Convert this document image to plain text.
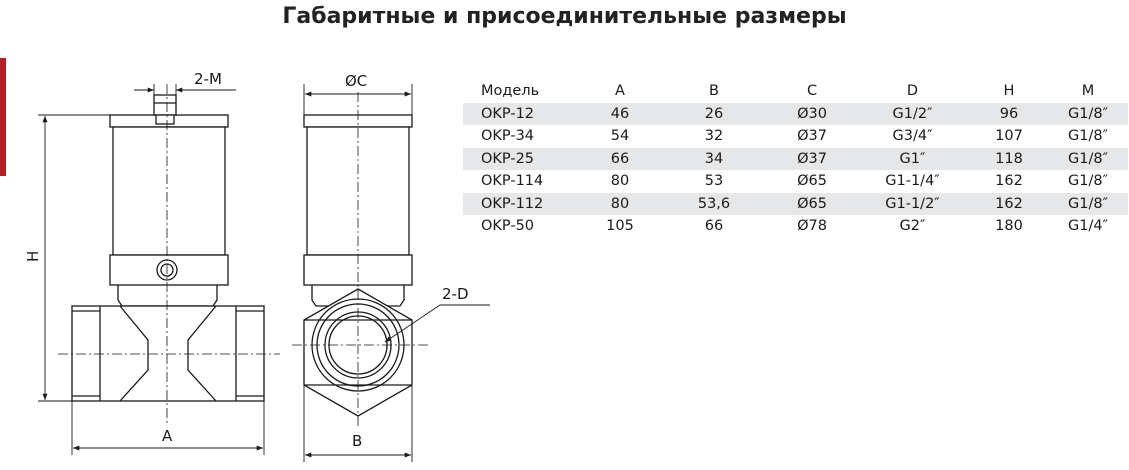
Габаритные и присоединительные размеры
2-M
H
A
ØC
2-D
B
Модель	A	B	C	D	H	M
OKP-12	46	26	Ø30	G1/2″	96	G1/8″
OKP-34	54	32	Ø37	G3/4″	107	G1/8″
OKP-25	66	34	Ø37	G1″	118	G1/8″
OKP-114	80	53	Ø65	G1-1/4″	162	G1/8″
OKP-112	80	53,6	Ø65	G1-1/2″	162	G1/8″
OKP-50	105	66	Ø78	G2″	180	G1/4″
